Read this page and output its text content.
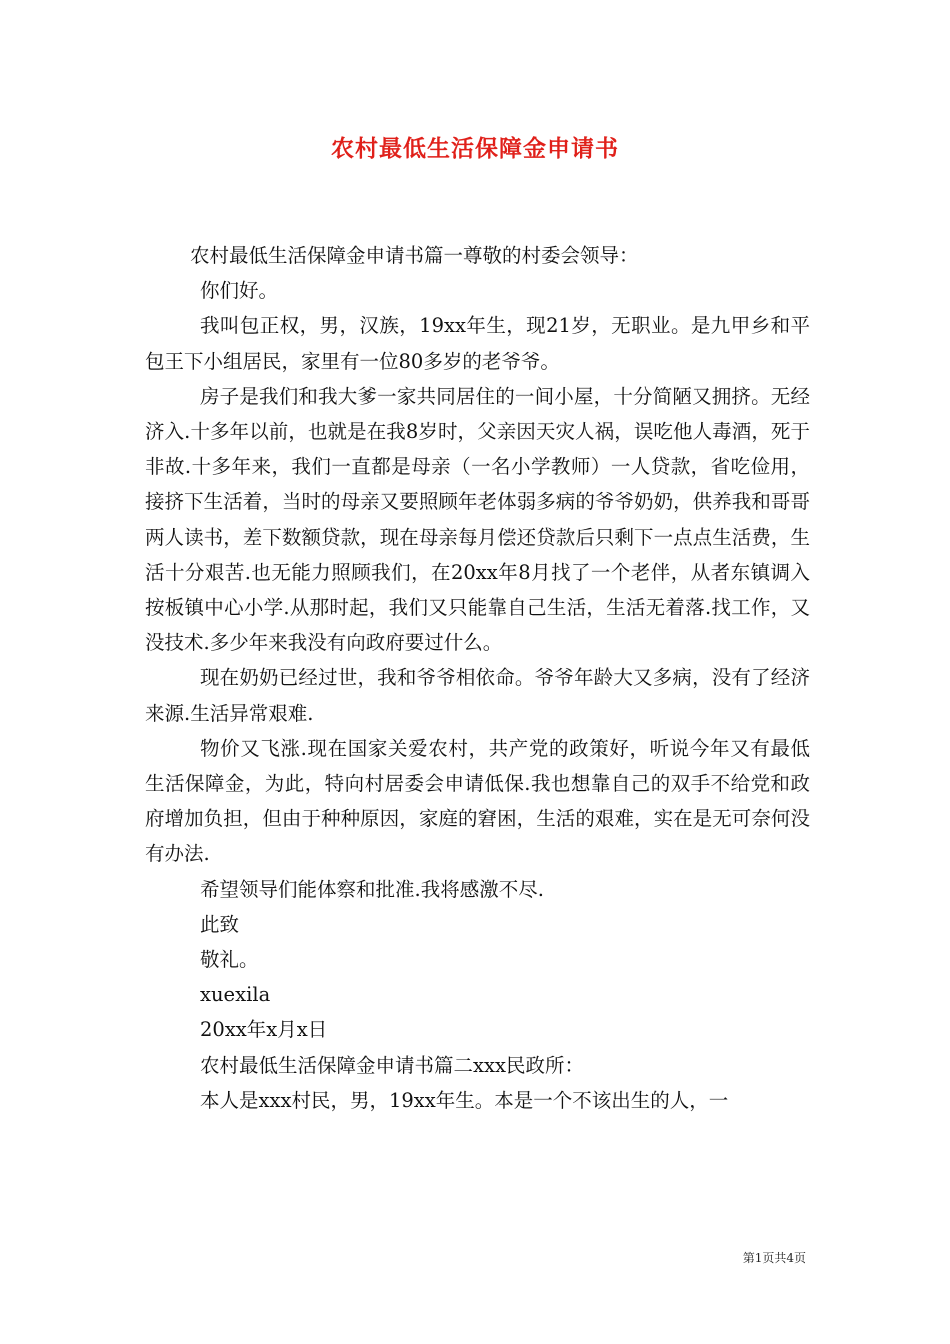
农村最低生活保障金申请书

农村最低生活保障金申请书篇一尊敬的村委会领导：

你们好。

我叫包正权，男，汉族，19xx年生，现21岁，无职业。是九甲乡和平包王下小组居民，家里有一位80多岁的老爷爷。

房子是我们和我大爹一家共同居住的一间小屋，十分简陋又拥挤。无经济入.十多年以前，也就是在我8岁时，父亲因天灾人祸，误吃他人毒酒，死于非故.十多年来，我们一直都是母亲（一名小学教师）一人贷款，省吃俭用，接挤下生活着，当时的母亲又要照顾年老体弱多病的爷爷奶奶，供养我和哥哥两人读书，差下数额贷款，现在母亲每月偿还贷款后只剩下一点点生活费，生活十分艰苦.也无能力照顾我们，在20xx年8月找了一个老伴，从者东镇调入按板镇中心小学.从那时起，我们又只能靠自己生活，生活无着落.找工作，又没技术.多少年来我没有向政府要过什么。

现在奶奶已经过世，我和爷爷相依命。爷爷年龄大又多病，没有了经济来源.生活异常艰难.

物价又飞涨.现在国家关爱农村，共产党的政策好，听说今年又有最低生活保障金，为此，特向村居委会申请低保.我也想靠自己的双手不给党和政府增加负担，但由于种种原因，家庭的窘困，生活的艰难，实在是无可奈何没有办法.

希望领导们能体察和批准.我将感激不尽.

此致

敬礼。

xuexila

20xx年x月x日

农村最低生活保障金申请书篇二xxx民政所：

本人是xxx村民，男，19xx年生。本是一个不该出生的人，一

第1页共4页
